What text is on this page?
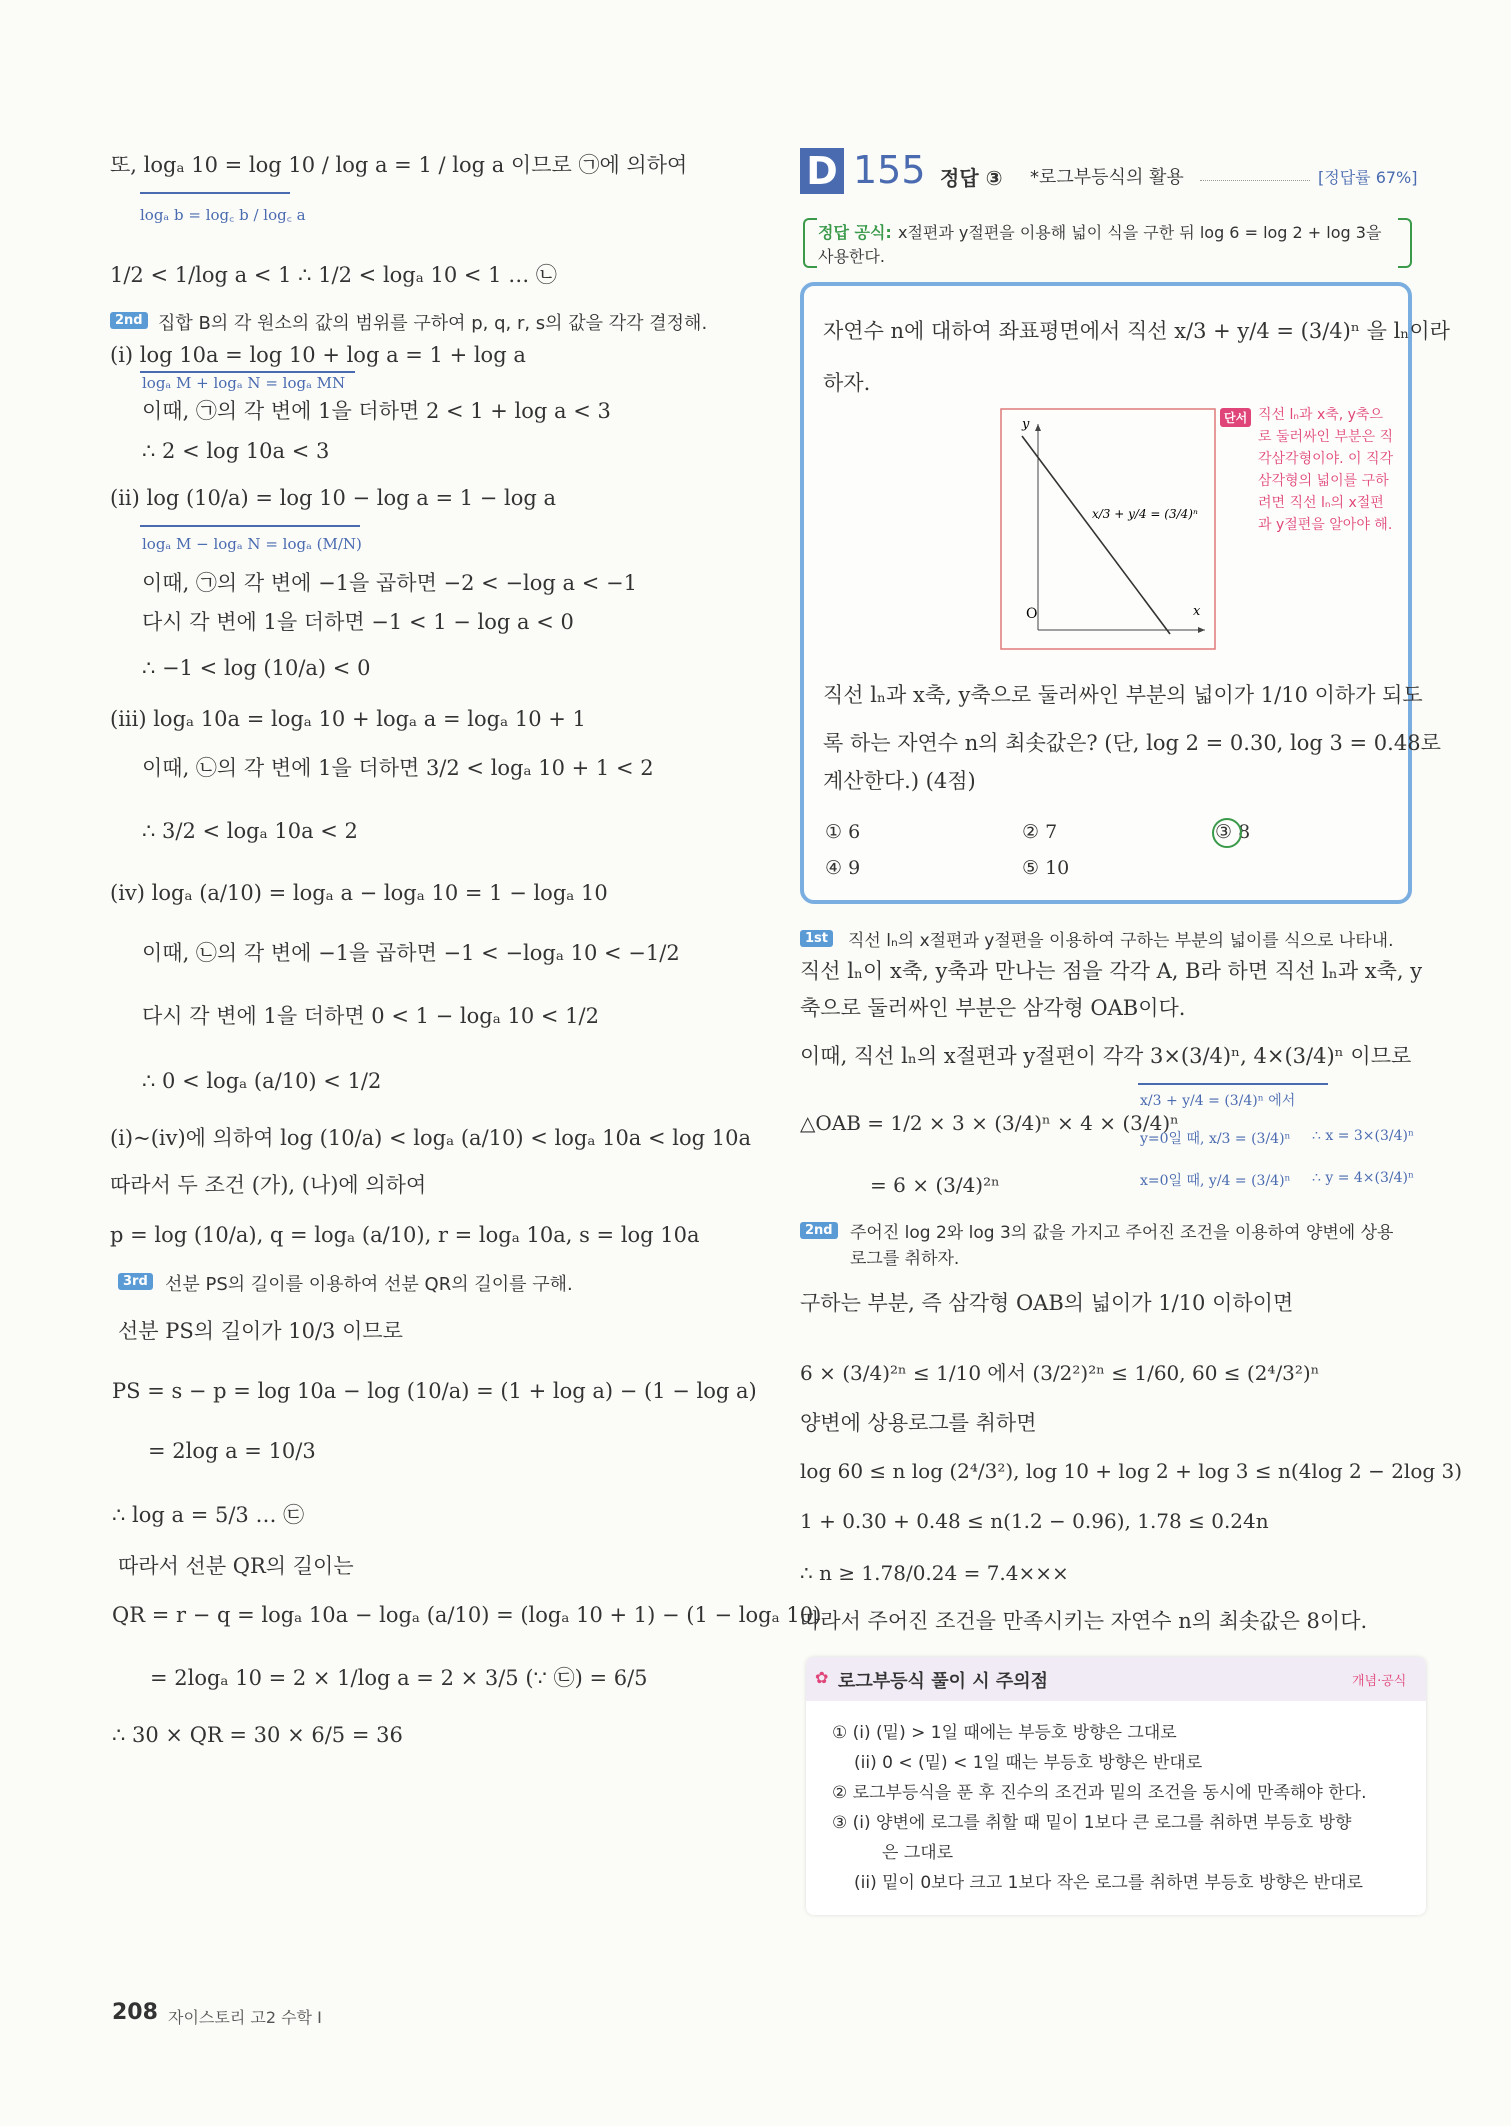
또, logₐ 10 = log 10 / log a = 1 / log a 이므로 ㉠에 의하여
logₐ b = log꜀ b / log꜀ a
1/2 < 1/log a < 1 ∴ 1/2 < logₐ 10 < 1 … ㉡
2nd 집합 B의 각 원소의 값의 범위를 구하여 p, q, r, s의 값을 각각 결정해.
(i) log 10a = log 10 + log a = 1 + log a
logₐ M + logₐ N = logₐ MN
이때, ㉠의 각 변에 1을 더하면 2 < 1 + log a < 3
∴ 2 < log 10a < 3
(ii) log (10/a) = log 10 − log a = 1 − log a
logₐ M − logₐ N = logₐ (M/N)
이때, ㉠의 각 변에 −1을 곱하면 −2 < −log a < −1
다시 각 변에 1을 더하면 −1 < 1 − log a < 0
∴ −1 < log (10/a) < 0
(iii) logₐ 10a = logₐ 10 + logₐ a = logₐ 10 + 1
이때, ㉡의 각 변에 1을 더하면 3/2 < logₐ 10 + 1 < 2
∴ 3/2 < logₐ 10a < 2
(iv) logₐ (a/10) = logₐ a − logₐ 10 = 1 − logₐ 10
이때, ㉡의 각 변에 −1을 곱하면 −1 < −logₐ 10 < −1/2
다시 각 변에 1을 더하면 0 < 1 − logₐ 10 < 1/2
∴ 0 < logₐ (a/10) < 1/2
(i)~(iv)에 의하여 log (10/a) < logₐ (a/10) < logₐ 10a < log 10a
따라서 두 조건 (가), (나)에 의하여
p = log (10/a), q = logₐ (a/10), r = logₐ 10a, s = log 10a
3rd 선분 PS의 길이를 이용하여 선분 QR의 길이를 구해.
선분 PS의 길이가 10/3 이므로
PS = s − p = log 10a − log (10/a) = (1 + log a) − (1 − log a)
= 2log a = 10/3
∴ log a = 5/3 … ㉢
따라서 선분 QR의 길이는
QR = r − q = logₐ 10a − logₐ (a/10) = (logₐ 10 + 1) − (1 − logₐ 10)
= 2logₐ 10 = 2 × 1/log a = 2 × 3/5 (∵ ㉢) = 6/5
∴ 30 × QR = 30 × 6/5 = 36
D 155 정답 ③ *로그부등식의 활용	[정답률 67%]
정답 공식: x절편과 y절편을 이용해 넓이 식을 구한 뒤 log 6 = log 2 + log 3을
사용한다.
자연수 n에 대하여 좌표평면에서 직선 x/3 + y/4 = (3/4)ⁿ 을 lₙ이라
하자.
y
x
O
x/3 + y/4 = (3/4)ⁿ
단서 직선 lₙ과 x축, y축으
로 둘러싸인 부분은 직
각삼각형이야. 이 직각
삼각형의 넓이를 구하
려면 직선 lₙ의 x절편
과 y절편을 알아야 해.
직선 lₙ과 x축, y축으로 둘러싸인 부분의 넓이가 1/10 이하가 되도
록 하는 자연수 n의 최솟값은? (단, log 2 = 0.30, log 3 = 0.48로
계산한다.) (4점)
① 6	② 7	③ 8
④ 9	⑤ 10
1st 직선 lₙ의 x절편과 y절편을 이용하여 구하는 부분의 넓이를 식으로 나타내.
직선 lₙ이 x축, y축과 만나는 점을 각각 A, B라 하면 직선 lₙ과 x축, y
축으로 둘러싸인 부분은 삼각형 OAB이다.
이때, 직선 lₙ의 x절편과 y절편이 각각 3×(3/4)ⁿ, 4×(3/4)ⁿ 이므로
△OAB = 1/2 × 3 × (3/4)ⁿ × 4 × (3/4)ⁿ
= 6 × (3/4)²ⁿ
x/3 + y/4 = (3/4)ⁿ 에서
y=0일 때, x/3 = (3/4)ⁿ ∴ x = 3×(3/4)ⁿ
x=0일 때, y/4 = (3/4)ⁿ ∴ y = 4×(3/4)ⁿ
2nd 주어진 log 2와 log 3의 값을 가지고 주어진 조건을 이용하여 양변에 상용
로그를 취하자.
구하는 부분, 즉 삼각형 OAB의 넓이가 1/10 이하이면
6 × (3/4)²ⁿ ≤ 1/10 에서 (3/2²)²ⁿ ≤ 1/60, 60 ≤ (2⁴/3²)ⁿ
양변에 상용로그를 취하면
log 60 ≤ n log (2⁴/3²), log 10 + log 2 + log 3 ≤ n(4log 2 − 2log 3)
1 + 0.30 + 0.48 ≤ n(1.2 − 0.96), 1.78 ≤ 0.24n
∴ n ≥ 1.78/0.24 = 7.4×××
따라서 주어진 조건을 만족시키는 자연수 n의 최솟값은 8이다.
✿ 로그부등식 풀이 시 주의점	개념·공식
① (i) (밑) > 1일 때에는 부등호 방향은 그대로
(ii) 0 < (밑) < 1일 때는 부등호 방향은 반대로
② 로그부등식을 푼 후 진수의 조건과 밑의 조건을 동시에 만족해야 한다.
③ (i) 양변에 로그를 취할 때 밑이 1보다 큰 로그를 취하면 부등호 방향
은 그대로
(ii) 밑이 0보다 크고 1보다 작은 로그를 취하면 부등호 방향은 반대로
208 자이스토리 고2 수학 I
